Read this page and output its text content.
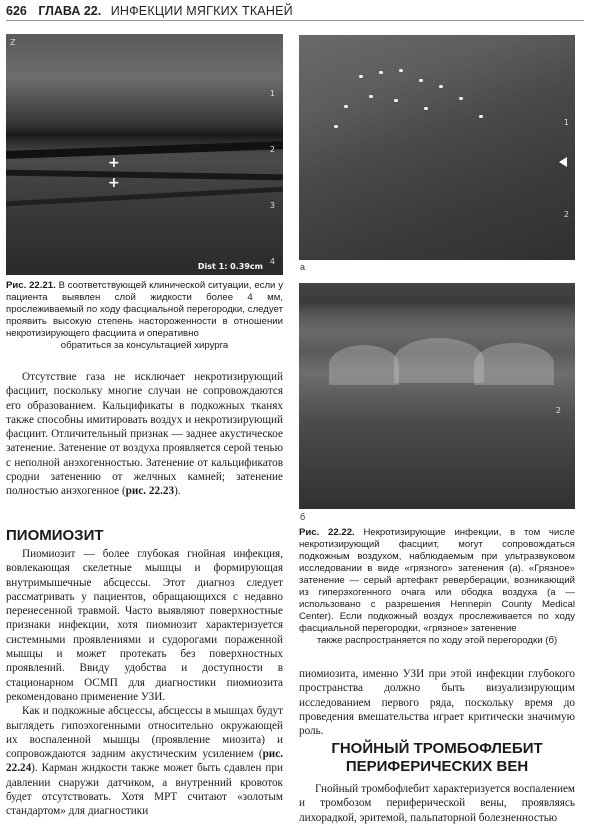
626 ГЛАВА 22. ИНФЕКЦИИ МЯГКИХ ТКАНЕЙ
Z
+
+
1
2
3
4
Dist 1: 0.39cm
Рис. 22.21. В соответствующей клинической ситуации, если у пациента выявлен слой жидкости более 4 мм, прослеживаемый по ходу фасциальной перегородки, следует проявить высокую степень настороженности в отношении некротизирующего фасциита и оперативно
обратиться за консультацией хирурга
1
2
а
2
б
Рис. 22.22. Некротизирующие инфекции, в том числе некротизирующий фасциит, могут сопровождаться подкожным воздухом, наблюдаемым при ультразвуковом исследовании в виде «грязного» затенения (а). «Грязное» затенение — серый артефакт реверберации, возникающий из гиперэхогенного очага или ободка воздуха (а — использовано с разрешения Hennepin County Medical Center). Если подкожный воздух прослеживается по ходу фасциальной перегородки, «грязное» затенение
также распространяется по ходу этой перегородки (б)

Отсутствие газа не исключает некротизирующий фасциит, поскольку многие случаи не сопровождаются его образованием. Кальцификаты в подкожных тканях также способны имитировать воздух и некротизирующий фасциит. Отличительный признак — заднее акустическое затенение. Затенение от воздуха проявляется серой тенью с неполной анэхогенностью. Затенение от кальцификатов сродни затенению от желчных камней; затенение полностью анэхогенное (рис. 22.23).

ПИОМИОЗИТ

Пиомиозит — более глубокая гнойная инфекция, вовлекающая скелетные мышцы и формирующая внутримышечные абсцессы. Этот диагноз следует рассматривать у пациентов, обращающихся с недавно перенесенной травмой. Часто выявляют поверхностные признаки инфекции, хотя пиомиозит характеризуется системными проявлениями и судорогами пораженной мышцы и может протекать без поверхностных проявлений. Ввиду удобства и доступности в стационарном ОСМП для диагностики пиомиозита рекомендовано применение УЗИ.

Как и подкожные абсцессы, абсцессы в мышцах будут выглядеть гипоэхогенными относительно окружающей их воспаленной мышцы (проявление миозита) и сопровождаются задним акустическим усилением (рис. 22.24). Карман жидкости также может быть сдавлен при давлении снаружи датчиком, а внутренний кровоток будет отсутствовать. Хотя МРТ считают «золотым стандартом» для диагностики

пиомиозита, именно УЗИ при этой инфекции глубокого пространства должно быть визуализирующим исследованием первого ряда, поскольку время до проведения вмешательства играет критически значимую роль.

ГНОЙНЫЙ ТРОМБОФЛЕБИТ
ПЕРИФЕРИЧЕСКИХ ВЕН

Гнойный тромбофлебит характеризуется воспалением и тромбозом периферической вены, проявляясь лихорадкой, эритемой, пальпаторной болезненностью
